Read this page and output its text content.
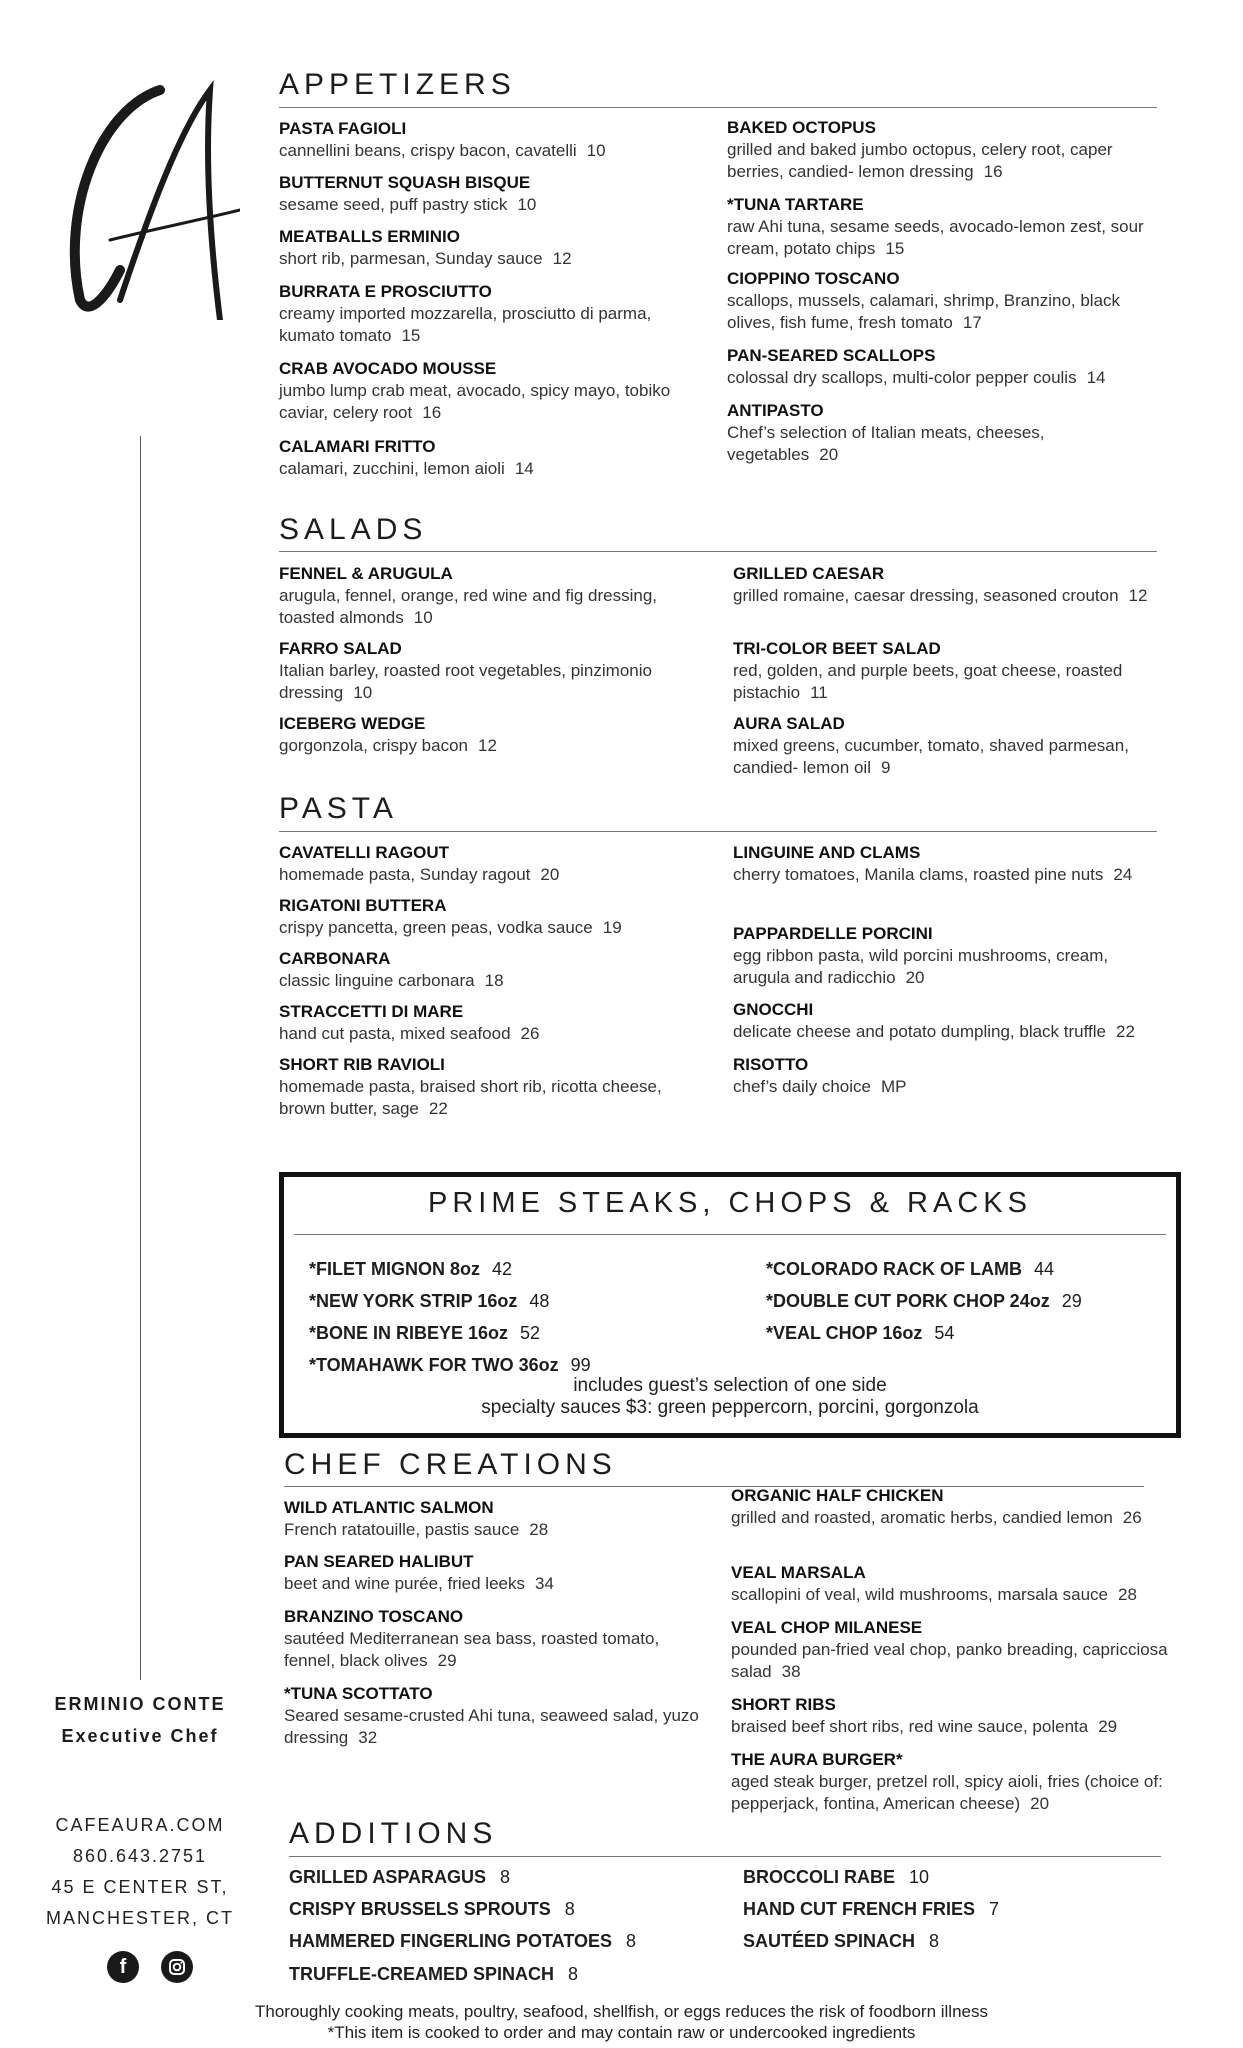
APPETIZERS
PASTA FAGIOLI
cannellini beans, crispy bacon, cavatelli 10
BUTTERNUT SQUASH BISQUE
sesame seed, puff pastry stick 10
MEATBALLS ERMINIO
short rib, parmesan, Sunday sauce 12
BURRATA E PROSCIUTTO
creamy imported mozzarella, prosciutto di parma, kumato tomato 15
CRAB AVOCADO MOUSSE
jumbo lump crab meat, avocado, spicy mayo, tobiko caviar, celery root 16
CALAMARI FRITTO
calamari, zucchini, lemon aioli 14
BAKED OCTOPUS
grilled and baked jumbo octopus, celery root, caper berries, candied- lemon dressing 16
*TUNA TARTARE
raw Ahi tuna, sesame seeds, avocado-lemon zest, sour cream, potato chips 15
CIOPPINO TOSCANO
scallops, mussels, calamari, shrimp, Branzino, black olives, fish fume, fresh tomato 17
PAN-SEARED SCALLOPS
colossal dry scallops, multi-color pepper coulis 14
ANTIPASTO
Chef’s selection of Italian meats, cheeses, vegetables 20
SALADS
FENNEL & ARUGULA
arugula, fennel, orange, red wine and fig dressing, toasted almonds 10
FARRO SALAD
Italian barley, roasted root vegetables, pinzimonio dressing 10
ICEBERG WEDGE
gorgonzola, crispy bacon 12
GRILLED CAESAR
grilled romaine, caesar dressing, seasoned crouton 12
TRI-COLOR BEET SALAD
red, golden, and purple beets, goat cheese, roasted pistachio 11
AURA SALAD
mixed greens, cucumber, tomato, shaved parmesan, candied- lemon oil 9
PASTA
CAVATELLI RAGOUT
homemade pasta, Sunday ragout 20
RIGATONI BUTTERA
crispy pancetta, green peas, vodka sauce 19
CARBONARA
classic linguine carbonara 18
STRACCETTI DI MARE
hand cut pasta, mixed seafood 26
SHORT RIB RAVIOLI
homemade pasta, braised short rib, ricotta cheese, brown butter, sage 22
LINGUINE AND CLAMS
cherry tomatoes, Manila clams, roasted pine nuts 24
PAPPARDELLE PORCINI
egg ribbon pasta, wild porcini mushrooms, cream, arugula and radicchio 20
GNOCCHI
delicate cheese and potato dumpling, black truffle 22
RISOTTO
chef’s daily choice MP
PRIME STEAKS, CHOPS & RACKS
*FILET MIGNON 8oz 42
*NEW YORK STRIP 16oz 48
*BONE IN RIBEYE 16oz 52
*TOMAHAWK FOR TWO 36oz 99
*COLORADO RACK OF LAMB 44
*DOUBLE CUT PORK CHOP 24oz 29
*VEAL CHOP 16oz 54
includes guest’s selection of one side
specialty sauces $3: green peppercorn, porcini, gorgonzola
CHEF CREATIONS
WILD ATLANTIC SALMON
French ratatouille, pastis sauce 28
PAN SEARED HALIBUT
beet and wine purée, fried leeks 34
BRANZINO TOSCANO
sautéed Mediterranean sea bass, roasted tomato, fennel, black olives 29
*TUNA SCOTTATO
Seared sesame-crusted Ahi tuna, seaweed salad, yuzo dressing 32
ORGANIC HALF CHICKEN
grilled and roasted, aromatic herbs, candied lemon 26
VEAL MARSALA
scallopini of veal, wild mushrooms, marsala sauce 28
VEAL CHOP MILANESE
pounded pan-fried veal chop, panko breading, capricciosa salad 38
SHORT RIBS
braised beef short ribs, red wine sauce, polenta 29
THE AURA BURGER*
aged steak burger, pretzel roll, spicy aioli, fries (choice of: pepperjack, fontina, American cheese) 20
ERMINIO CONTE
Executive Chef
CAFEAURA.COM
860.643.2751
45 E CENTER ST,
MANCHESTER, CT
f
ADDITIONS
GRILLED ASPARAGUS 8
CRISPY BRUSSELS SPROUTS 8
HAMMERED FINGERLING POTATOES 8
TRUFFLE-CREAMED SPINACH 8
BROCCOLI RABE 10
HAND CUT FRENCH FRIES 7
SAUTÉED SPINACH 8
Thoroughly cooking meats, poultry, seafood, shellfish, or eggs reduces the risk of foodborn illness
*This item is cooked to order and may contain raw or undercooked ingredients
